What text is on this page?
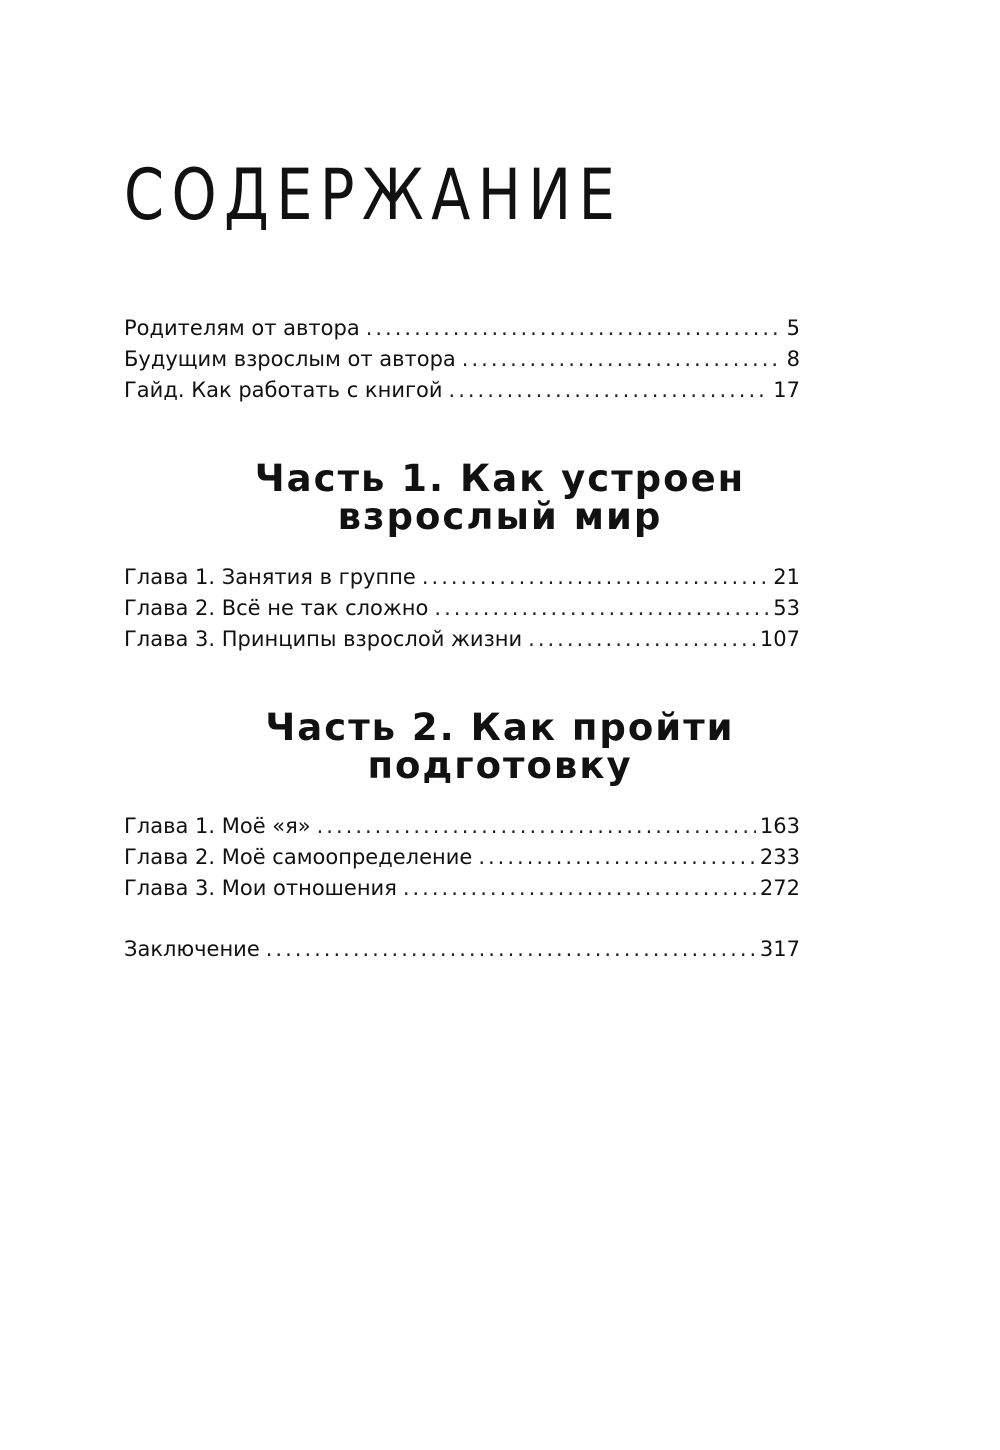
СОДЕРЖАНИЕ
Родителям от автора .....	5
Будущим взрослым от автора .....	8
Гайд. Как работать с книгой .....	17
Часть 1. Как устроен
взрослый мир
Глава 1. Занятия в группе .....	21
Глава 2. Всё не так сложно .....	53
Глава 3. Принципы взрослой жизни .....	107
Часть 2. Как пройти
подготовку
Глава 1. Моё «я» .....	163
Глава 2. Моё самоопределение .....	233
Глава 3. Мои отношения .....	272
Заключение .....	317
